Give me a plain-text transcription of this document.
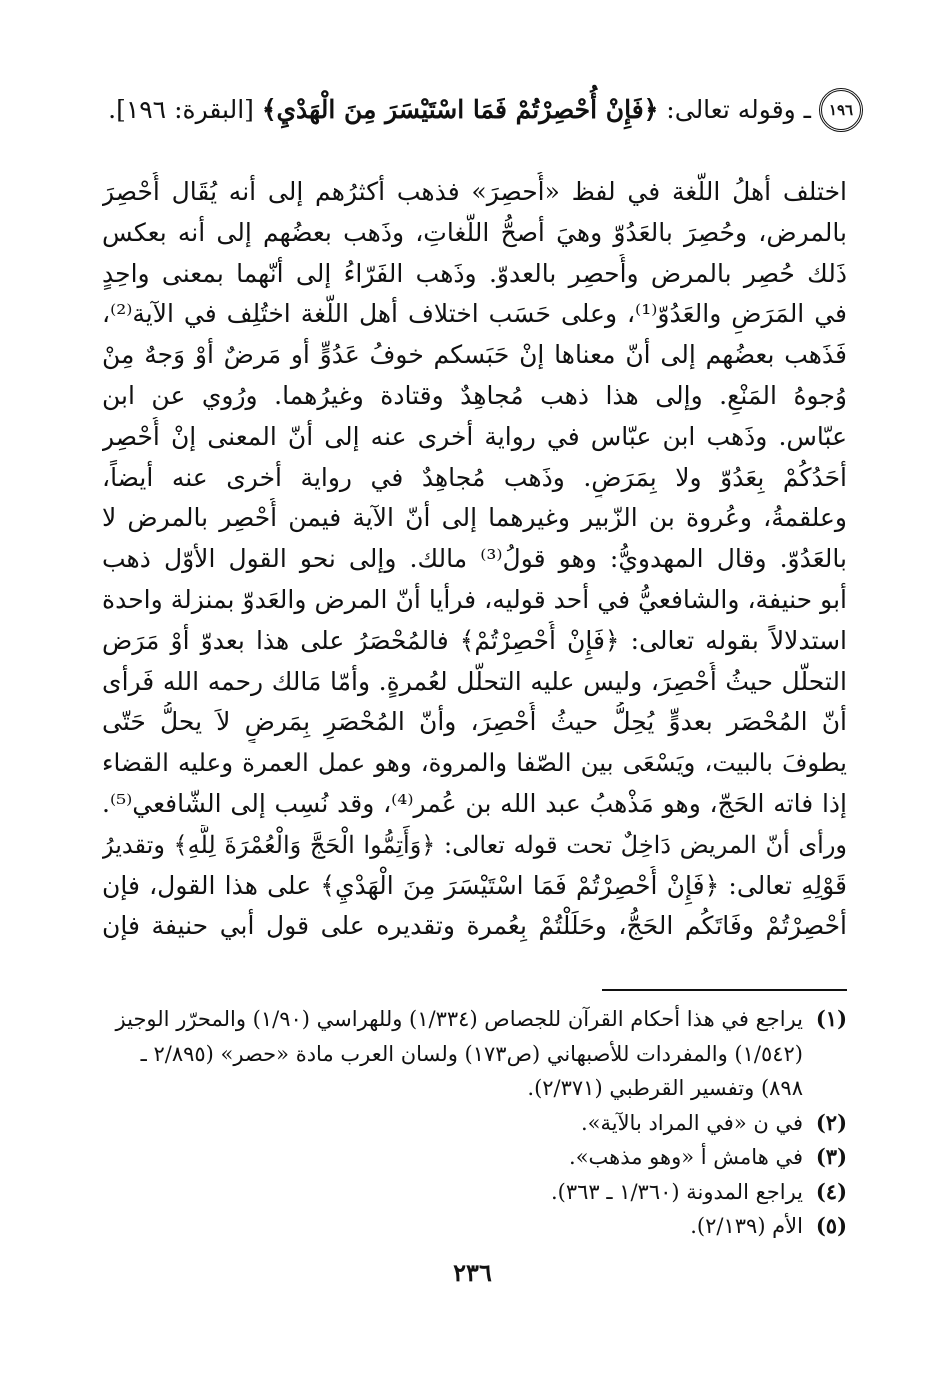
١٩٦
ـ وقوله تعالى: ﴿فَإِنْ أُحْصِرْتُمْ فَمَا اسْتَيْسَرَ مِنَ الْهَدْيِ﴾ [البقرة: ١٩٦].

اختلف أهلُ اللّغة في لفظ «أُحصِرَ» فذهب أكثرُهم إلى أنه يُقَال أُحْصِرَ

بالمرض، وحُصِرَ بالعَدُوّ وهيَ أصحُّ اللُّغاتِ، وذَهب بعضُهم إلى أنه بعكس

ذَلك حُصِر بالمرض وأُحصِر بالعدوّ. وذَهب الفَرّاءُ إلى أنّهما بمعنى واحِدٍ

في المَرَضِ والعَدُوّ⁽¹⁾، وعلى حَسَب اختلاف أهل اللّغة اختُلِف في الآية⁽²⁾،

فَذَهب بعضُهم إلى أنّ معناها إنْ حَبَسكم خوفُ عَدُوٍّ أو مَرضٌ أوْ وَجهٌ مِنْ

وُجوهُ المَنْعِ. وإلى هذا ذهب مُجاهِدٌ وقتادة وغيرُهما. ورُوي عن ابن

عبّاس. وذَهب ابن عبّاس في رواية أخرى عنه إلى أنّ المعنى إنْ أُحْصِر

أحَدُكُمْ بِعَدُوّ ولا بِمَرَضٍ. وذَهب مُجاهِدٌ في رواية أخرى عنه أيضاً،

وعلقمةُ، وعُروة بن الزّبير وغيرهما إلى أنّ الآية فيمن أُحْصِر بالمرض لا

بالعَدُوّ. وقال المهدويُّ: وهو قولُ⁽³⁾ مالك. وإلى نحو القول الأوّل ذهب

أبو حنيفة، والشافعيُّ في أحد قوليه، فرأيا أنّ المرض والعَدوّ بمنزلة واحدة

استدلالاً بقوله تعالى: ﴿فَإِنْ أُحْصِرْتُمْ﴾ فالمُحْصَرُ على هذا بعدوّ أوْ مَرَض

التحلّل حيثُ أُحْصِرَ، وليس عليه التحلّل لعُمرةٍ. وأمّا مَالك رحمه الله فَرأى

أنّ المُحْصَر بعدوٍّ يُحِلُّ حيثُ أُحْصِرَ، وأنّ المُحْصَرِ بِمَرضٍ لاَ يحلُّ حَتّى

يطوفَ بالبيت، ويَسْعَى بين الصّفا والمروة، وهو عمل العمرة وعليه القضاء

إذا فاته الحَجّ، وهو مَذْهبُ عبد الله بن عُمر⁽⁴⁾، وقد نُسِب إلى الشّافعي⁽⁵⁾.

ورأى أنّ المريض دَاخِلٌ تحت قوله تعالى: ﴿وَأَتِمُّوا الْحَجَّ وَالْعُمْرَةَ لِلَّهِ﴾ وتقديرُ

قَوْلِهِ تعالى: ﴿فَإِنْ أُحْصِرْتُمْ فَمَا اسْتَيْسَرَ مِنَ الْهَدْيِ﴾ على هذا القول، فإن

أحْصِرْتُمْ وفَاتَكُم الحَجُّ، وحَلَلْتُمْ بِعُمرة وتقديره على قول أبي حنيفة فإن

(١)
يراجع في هذا أحكام القرآن للجصاص (١/٣٣٤) وللهراسي (١/٩٠) والمحرّر الوجيز
(١/٥٤٢) والمفردات للأصبهاني (ص١٧٣) ولسان العرب مادة «حصر» (٢/٨٩٥ ـ
٨٩٨) وتفسير القرطبي (٢/٣٧١).
(٢)
في ن «في المراد بالآية».
(٣)
في هامش أ «وهو مذهب».
(٤)
يراجع المدونة (١/٣٦٠ ـ ٣٦٣).
(٥)
الأم (٢/١٣٩).
٢٣٦
